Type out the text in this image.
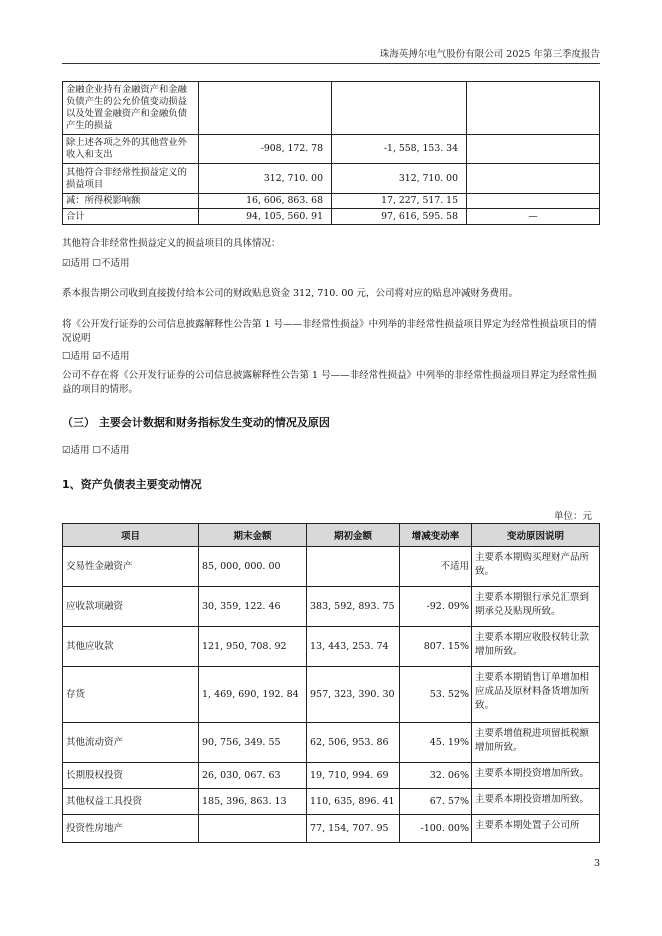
珠海英搏尔电气股份有限公司 2025 年第三季度报告
金融企业持有金融资产和金融负债产生的公允价值变动损益以及处置金融资产和金融负债产生的损益			
除上述各项之外的其他营业外收入和支出	-908, 172. 78	-1, 558, 153. 34	
其他符合非经常性损益定义的损益项目	312, 710. 00	312, 710. 00	
减：所得税影响额	16, 606, 863. 68	17, 227, 517. 15	
合计	94, 105, 560. 91	97, 616, 595. 58	—
其他符合非经常性损益定义的损益项目的具体情况：
☑适用 ☐不适用
系本报告期公司收到直接拨付给本公司的财政贴息资金 312, 710. 00 元，公司将对应的贴息冲减财务费用。
将《公开发行证券的公司信息披露解释性公告第 1 号——非经常性损益》中列举的非经常性损益项目界定为经常性损益项目的情况说明
☐适用 ☑不适用
公司不存在将《公开发行证券的公司信息披露解释性公告第 1 号——非经常性损益》中列举的非经常性损益项目界定为经常性损益的项目的情形。
（三） 主要会计数据和财务指标发生变动的情况及原因
☑适用 ☐不适用
1、资产负债表主要变动情况
单位：元
项目	期末金额	期初金额	增减变动率	变动原因说明
交易性金融资产	85, 000, 000. 00		不适用	主要系本期购买理财产品所致。
应收款项融资	30, 359, 122. 46	383, 592, 893. 75	-92. 09%	主要系本期银行承兑汇票到期承兑及贴现所致。
其他应收款	121, 950, 708. 92	13, 443, 253. 74	807. 15%	主要系本期应收股权转让款增加所致。
存货	1, 469, 690, 192. 84	957, 323, 390. 30	53. 52%	主要系本期销售订单增加相应成品及原材料备货增加所致。
其他流动资产	90, 756, 349. 55	62, 506, 953. 86	45. 19%	主要系增值税进项留抵税额增加所致。
长期股权投资	26, 030, 067. 63	19, 710, 994. 69	32. 06%	主要系本期投资增加所致。
其他权益工具投资	185, 396, 863. 13	110, 635, 896. 41	67. 57%	主要系本期投资增加所致。
投资性房地产		77, 154, 707. 95	-100. 00%	主要系本期处置子公司所
3
